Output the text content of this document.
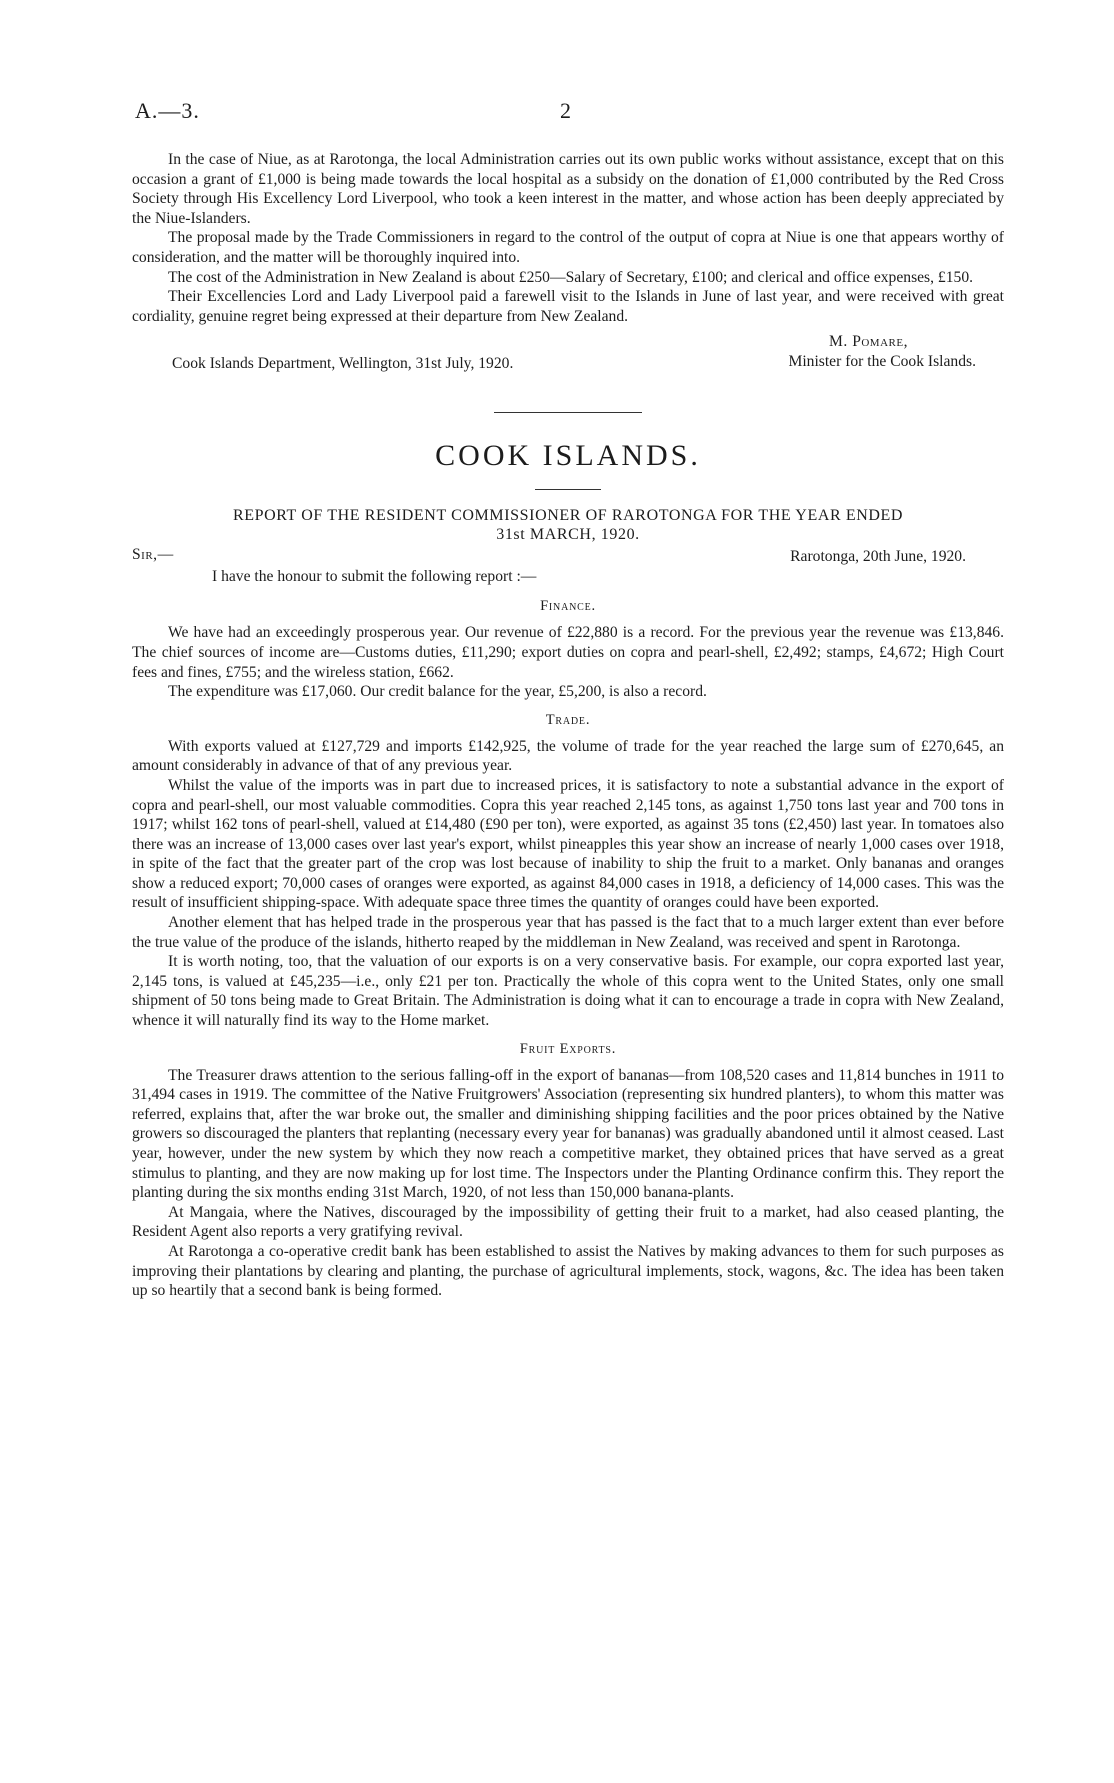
A.—3.	2

In the case of Niue, as at Rarotonga, the local Administration carries out its own public works without assistance, except that on this occasion a grant of £1,000 is being made towards the local hospital as a subsidy on the donation of £1,000 contributed by the Red Cross Society through His Excellency Lord Liverpool, who took a keen interest in the matter, and whose action has been deeply appreciated by the Niue-Islanders.

The proposal made by the Trade Commissioners in regard to the control of the output of copra at Niue is one that appears worthy of consideration, and the matter will be thoroughly inquired into.

The cost of the Administration in New Zealand is about £250—Salary of Secretary, £100; and clerical and office expenses, £150.

Their Excellencies Lord and Lady Liverpool paid a farewell visit to the Islands in June of last year, and were received with great cordiality, genuine regret being expressed at their departure from New Zealand.

M. Pomare,
Minister for the Cook Islands.
Cook Islands Department, Wellington, 31st July, 1920.
COOK ISLANDS.
REPORT OF THE RESIDENT COMMISSIONER OF RAROTONGA FOR THE YEAR ENDED
31st MARCH, 1920.
Sir,—	Rarotonga, 20th June, 1920.
I have the honour to submit the following report :—
Finance.

We have had an exceedingly prosperous year. Our revenue of £22,880 is a record. For the previous year the revenue was £13,846. The chief sources of income are—Customs duties, £11,290; export duties on copra and pearl-shell, £2,492; stamps, £4,672; High Court fees and fines, £755; and the wireless station, £662.

The expenditure was £17,060. Our credit balance for the year, £5,200, is also a record.

Trade.

With exports valued at £127,729 and imports £142,925, the volume of trade for the year reached the large sum of £270,645, an amount considerably in advance of that of any previous year.

Whilst the value of the imports was in part due to increased prices, it is satisfactory to note a substantial advance in the export of copra and pearl-shell, our most valuable commodities. Copra this year reached 2,145 tons, as against 1,750 tons last year and 700 tons in 1917; whilst 162 tons of pearl-shell, valued at £14,480 (£90 per ton), were exported, as against 35 tons (£2,450) last year. In tomatoes also there was an increase of 13,000 cases over last year's export, whilst pineapples this year show an increase of nearly 1,000 cases over 1918, in spite of the fact that the greater part of the crop was lost because of inability to ship the fruit to a market. Only bananas and oranges show a reduced export; 70,000 cases of oranges were exported, as against 84,000 cases in 1918, a deficiency of 14,000 cases. This was the result of insufficient shipping-space. With adequate space three times the quantity of oranges could have been exported.

Another element that has helped trade in the prosperous year that has passed is the fact that to a much larger extent than ever before the true value of the produce of the islands, hitherto reaped by the middleman in New Zealand, was received and spent in Rarotonga.

It is worth noting, too, that the valuation of our exports is on a very conservative basis. For example, our copra exported last year, 2,145 tons, is valued at £45,235—i.e., only £21 per ton. Practically the whole of this copra went to the United States, only one small shipment of 50 tons being made to Great Britain. The Administration is doing what it can to encourage a trade in copra with New Zealand, whence it will naturally find its way to the Home market.

Fruit Exports.

The Treasurer draws attention to the serious falling-off in the export of bananas—from 108,520 cases and 11,814 bunches in 1911 to 31,494 cases in 1919. The committee of the Native Fruitgrowers' Association (representing six hundred planters), to whom this matter was referred, explains that, after the war broke out, the smaller and diminishing shipping facilities and the poor prices obtained by the Native growers so discouraged the planters that replanting (necessary every year for bananas) was gradually abandoned until it almost ceased. Last year, however, under the new system by which they now reach a competitive market, they obtained prices that have served as a great stimulus to planting, and they are now making up for lost time. The Inspectors under the Planting Ordinance confirm this. They report the planting during the six months ending 31st March, 1920, of not less than 150,000 banana-plants.

At Mangaia, where the Natives, discouraged by the impossibility of getting their fruit to a market, had also ceased planting, the Resident Agent also reports a very gratifying revival.

At Rarotonga a co-operative credit bank has been established to assist the Natives by making advances to them for such purposes as improving their plantations by clearing and planting, the purchase of agricultural implements, stock, wagons, &c. The idea has been taken up so heartily that a second bank is being formed.
